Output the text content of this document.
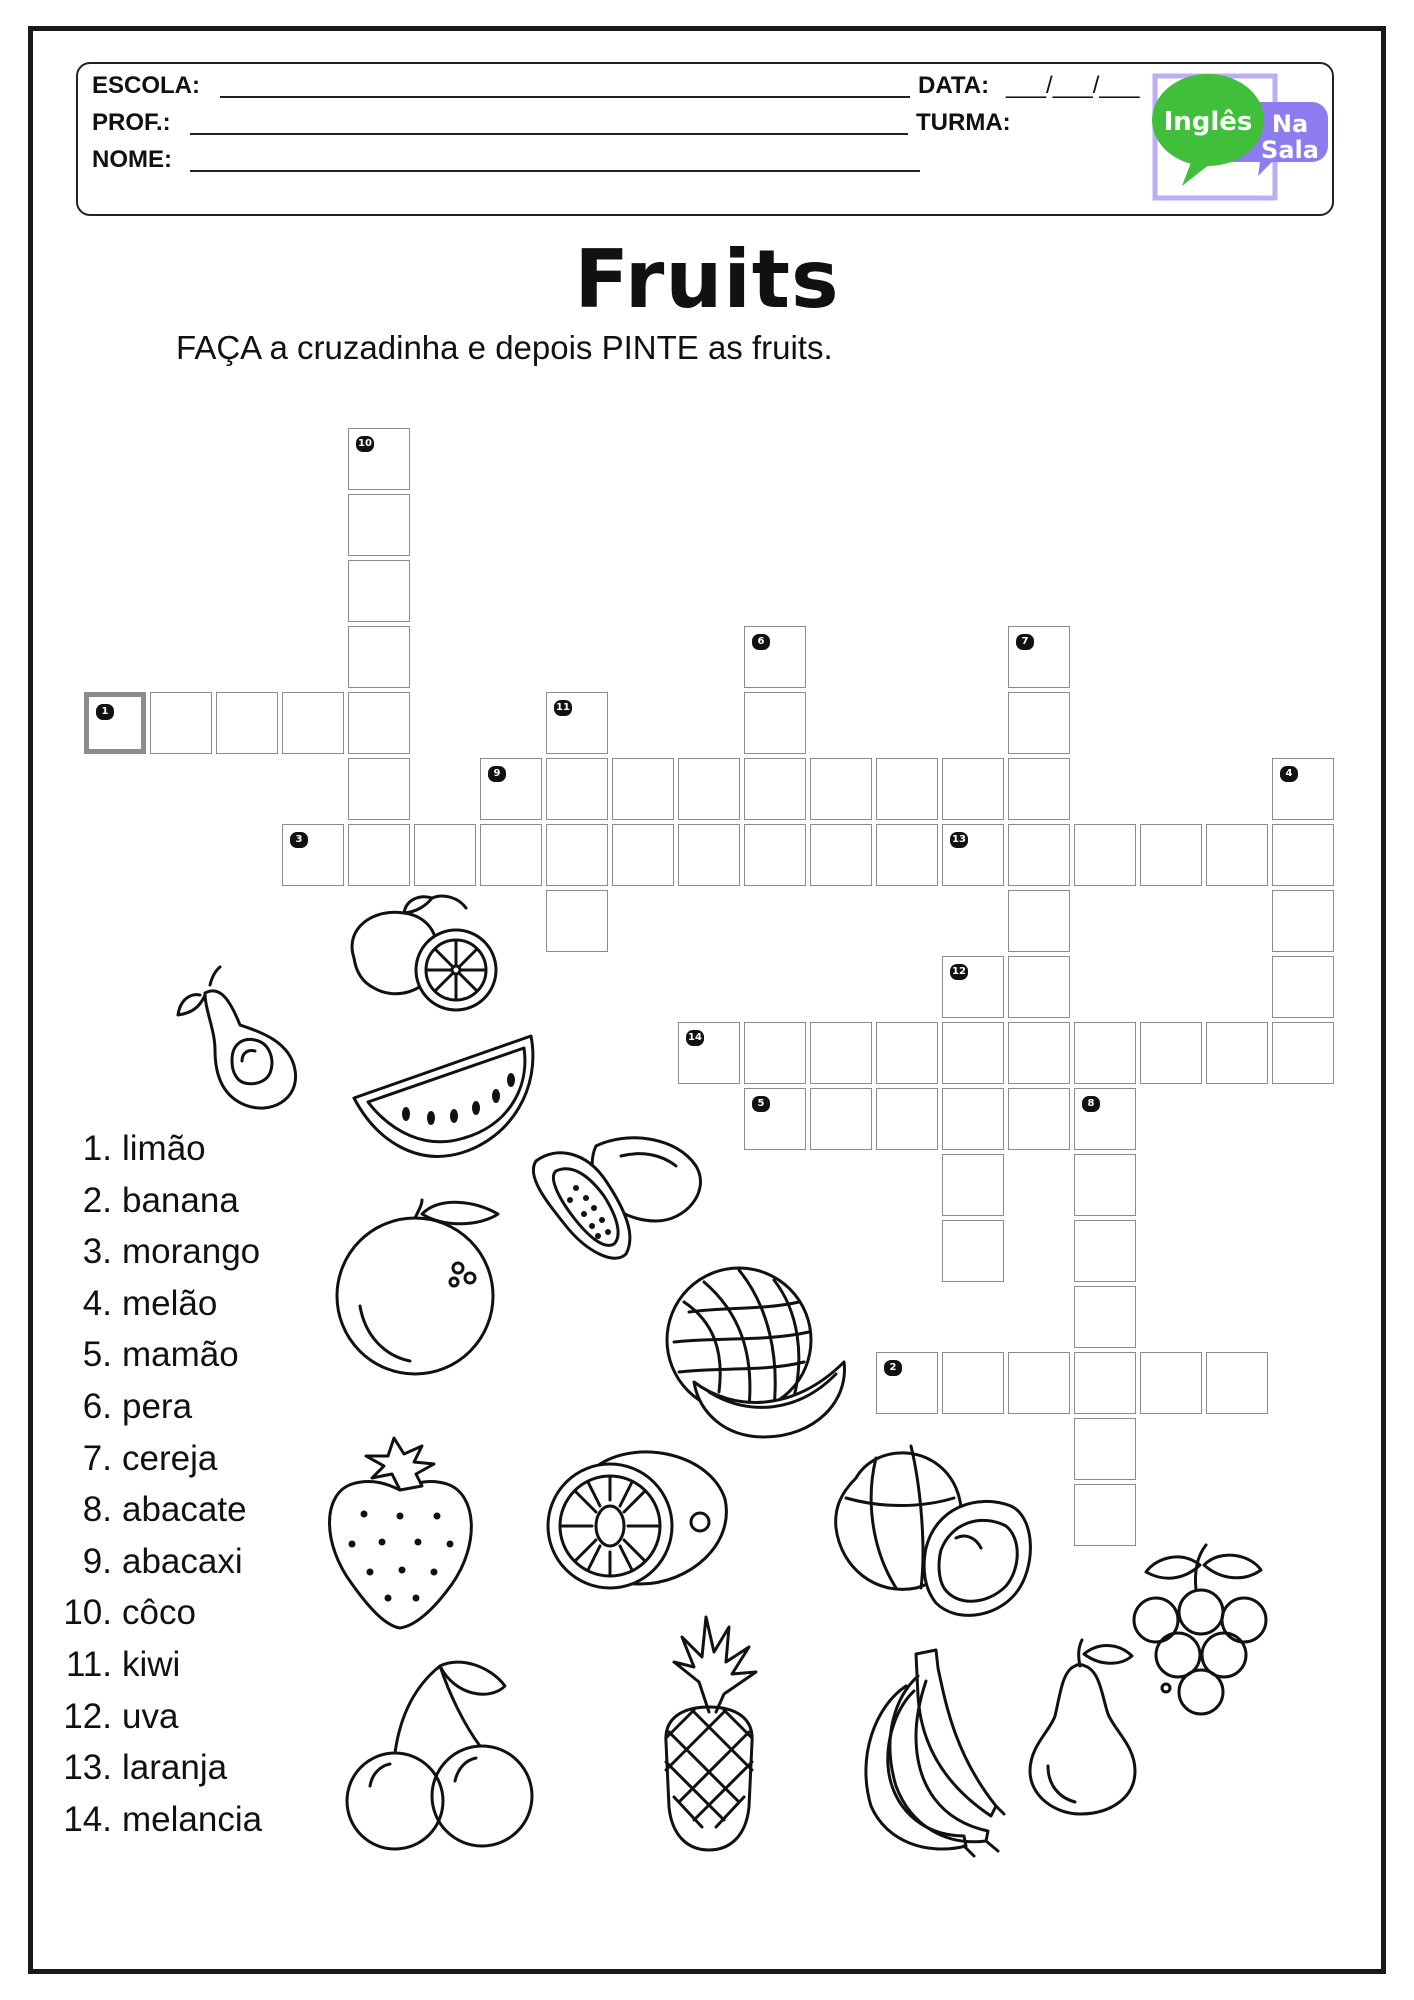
ESCOLA:	DATA: ___/___/___
PROF.:	TURMA:
NOME:
Inglês Na
Sala
Fruits
FAÇA a cruzadinha e depois PINTE as fruits.
1
9
3	13
14
5	8
2
10
11
6	7
4
12
1. limão
2. banana
3. morango
4. melão
5. mamão
6. pera
7. cereja
8. abacate
9. abacaxi
10. côco
11. kiwi
12. uva
13. laranja
14. melancia
